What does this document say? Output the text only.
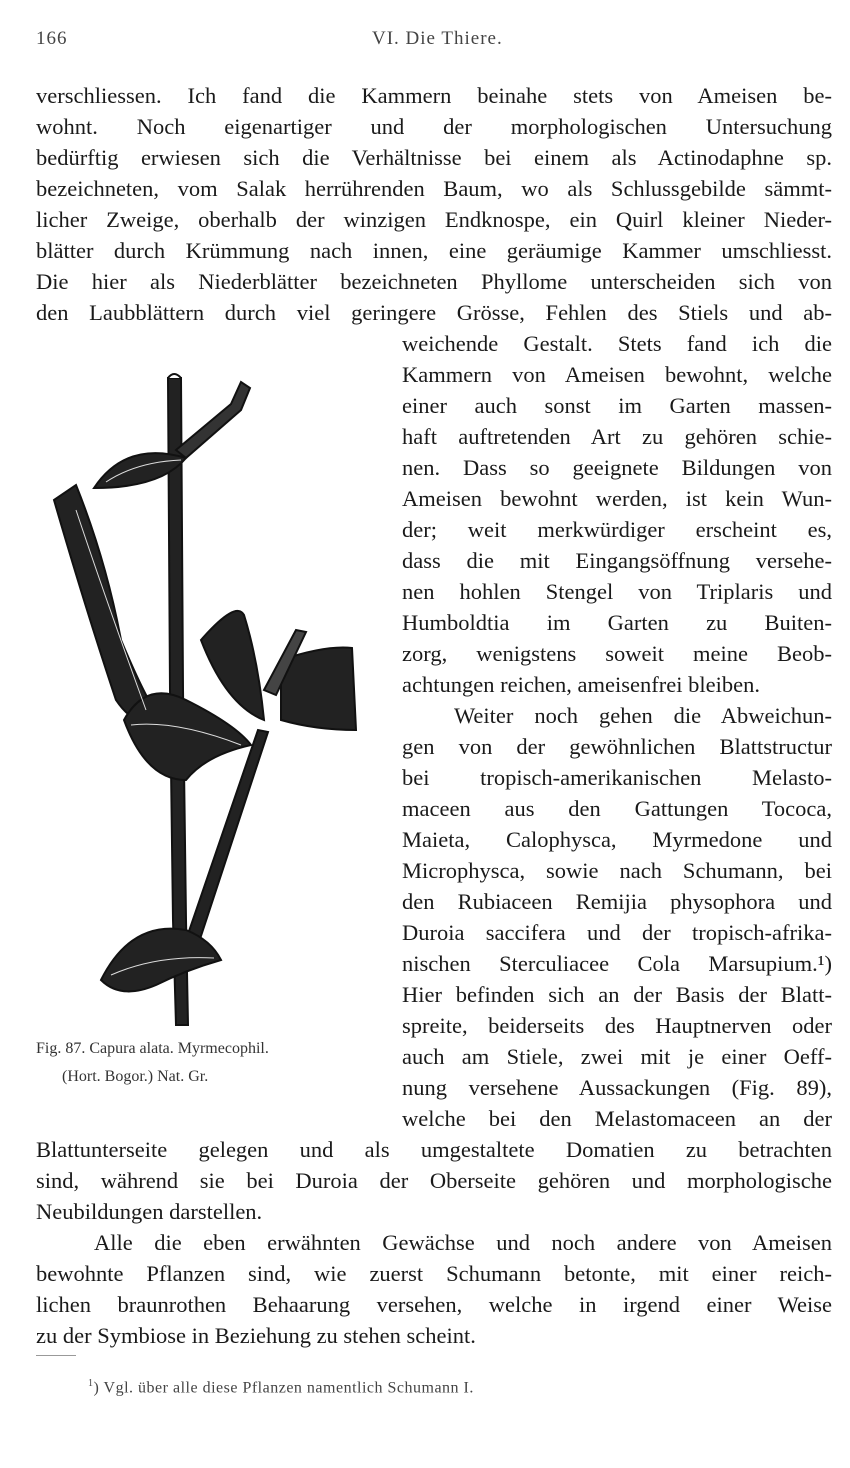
166	VI. Die Thiere.
verschliessen. Ich fand die Kammern beinahe stets von Ameisen be-
wohnt. Noch eigenartiger und der morphologischen Untersuchung
bedürftig erwiesen sich die Verhältnisse bei einem als Actinodaphne sp.
bezeichneten, vom Salak herrührenden Baum, wo als Schlussgebilde sämmt-
licher Zweige, oberhalb der winzigen Endknospe, ein Quirl kleiner Nieder-
blätter durch Krümmung nach innen, eine geräumige Kammer umschliesst.
Die hier als Niederblätter bezeichneten Phyllome unterscheiden sich von
den Laubblättern durch viel geringere Grösse, Fehlen des Stiels und ab-
weichende Gestalt. Stets fand ich die
Kammern von Ameisen bewohnt, welche
einer auch sonst im Garten massen-
haft auftretenden Art zu gehören schie-
nen. Dass so geeignete Bildungen von
Ameisen bewohnt werden, ist kein Wun-
der; weit merkwürdiger erscheint es,
dass die mit Eingangsöffnung versehe-
nen hohlen Stengel von Triplaris und
Humboldtia im Garten zu Buiten-
zorg, wenigstens soweit meine Beob-
achtungen reichen, ameisenfrei bleiben.
Weiter noch gehen die Abweichun-
gen von der gewöhnlichen Blattstructur
bei tropisch-amerikanischen Melasto-
maceen aus den Gattungen Tococa,
Maieta, Calophysca, Myrmedone und
Microphysca, sowie nach Schumann, bei
den Rubiaceen Remijia physophora und
Duroia saccifera und der tropisch-afrika-
nischen Sterculiacee Cola Marsupium.¹)
Hier befinden sich an der Basis der Blatt-
spreite, beiderseits des Hauptnerven oder
auch am Stiele, zwei mit je einer Oeff-
nung versehene Aussackungen (Fig. 89),
welche bei den Melastomaceen an der
Blattunterseite gelegen und als umgestaltete Domatien zu betrachten
sind, während sie bei Duroia der Oberseite gehören und morphologische
Neubildungen darstellen.
Alle die eben erwähnten Gewächse und noch andere von Ameisen
bewohnte Pflanzen sind, wie zuerst Schumann betonte, mit einer reich-
lichen braunrothen Behaarung versehen, welche in irgend einer Weise
zu der Symbiose in Beziehung zu stehen scheint.
Fig. 87. Capura alata. Myrmecophil.
(Hort. Bogor.) Nat. Gr.
$^1$) Vgl. über alle diese Pflanzen namentlich Schumann I.
